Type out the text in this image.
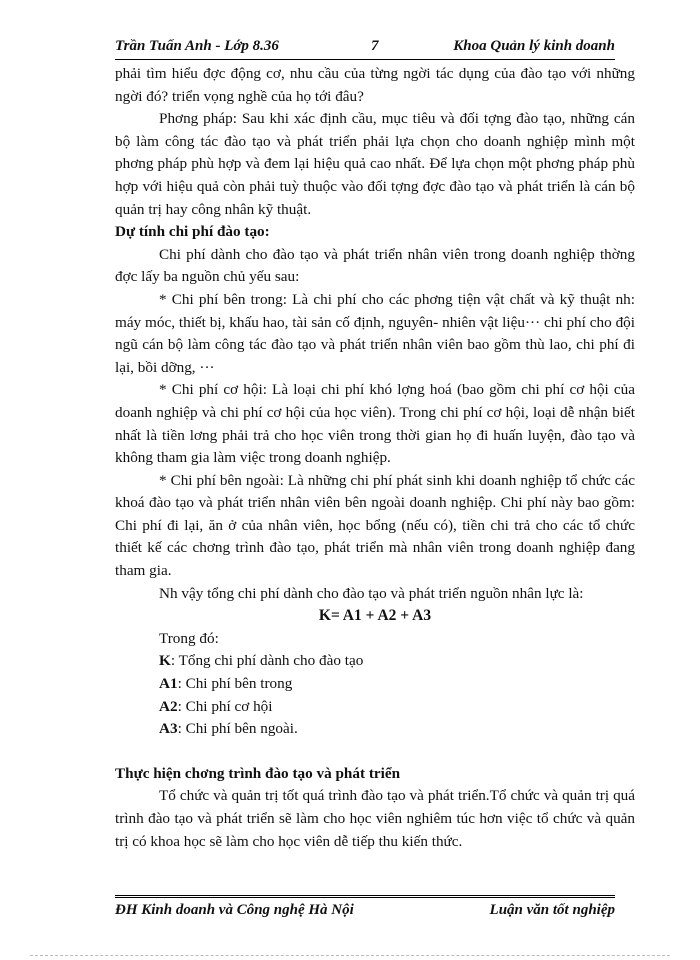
Trần Tuấn Anh - Lớp 8.36	7	Khoa Quản lý kinh doanh

phải tìm hiểu đợc động cơ, nhu cầu của từng ngời tác dụng của đào tạo với những ngời đó? triển vọng nghề của họ tới đâu?

Phơng pháp: Sau khi xác định cầu, mục tiêu và đối tợng đào tạo, những cán bộ làm công tác đào tạo và phát triển phải lựa chọn cho doanh nghiệp mình một phơng pháp phù hợp và đem lại hiệu quả cao nhất. Để lựa chọn một phơng pháp phù hợp với hiệu quả còn phải tuỳ thuộc vào đối tợng đợc đào tạo và phát triển là cán bộ quản trị hay công nhân kỹ thuật.

Dự tính chi phí đào tạo:

Chi phí dành cho đào tạo và phát triển nhân viên trong doanh nghiệp thờng đợc lấy ba nguồn chủ yếu sau:

* Chi phí bên trong: Là chi phí cho các phơng tiện vật chất và kỹ thuật nh: máy móc, thiết bị, khấu hao, tài sản cố định, nguyên- nhiên vật liệu··· chi phí cho đội ngũ cán bộ làm công tác đào tạo và phát triển nhân viên bao gồm thù lao, chi phí đi lại, bồi dỡng, ···

* Chi phí cơ hội: Là loại chi phí khó lợng hoá (bao gồm chi phí cơ hội của doanh nghiệp và chi phí cơ hội của học viên). Trong chi phí cơ hội, loại dễ nhận biết nhất là tiền lơng phải trả cho học viên trong thời gian họ đi huấn luyện, đào tạo và không tham gia làm việc trong doanh nghiệp.

* Chi phí bên ngoài: Là những chi phí phát sinh khi doanh nghiệp tổ chức các khoá đào tạo và phát triển nhân viên bên ngoài doanh nghiệp. Chi phí này bao gồm: Chi phí đi lại, ăn ở của nhân viên, học bổng (nếu có), tiền chi trả cho các tổ chức thiết kế các chơng trình đào tạo, phát triển mà nhân viên trong doanh nghiệp đang tham gia.

Nh vậy tổng chi phí dành cho đào tạo và phát triển nguồn nhân lực là:

K= A1 + A2 + A3

Trong đó:

K: Tổng chi phí dành cho đào tạo

A1: Chi phí bên trong

A2: Chi phí cơ hội

A3: Chi phí bên ngoài.

Thực hiện chơng trình đào tạo và phát triển

Tổ chức và quản trị tốt quá trình đào tạo và phát triển.Tổ chức và quản trị quá trình đào tạo và phát triển sẽ làm cho học viên nghiêm túc hơn việc tổ chức và quản trị có khoa học sẽ làm cho học viên dễ tiếp thu kiến thức.

ĐH Kinh doanh và Công nghệ Hà Nội	Luận văn tốt nghiệp
